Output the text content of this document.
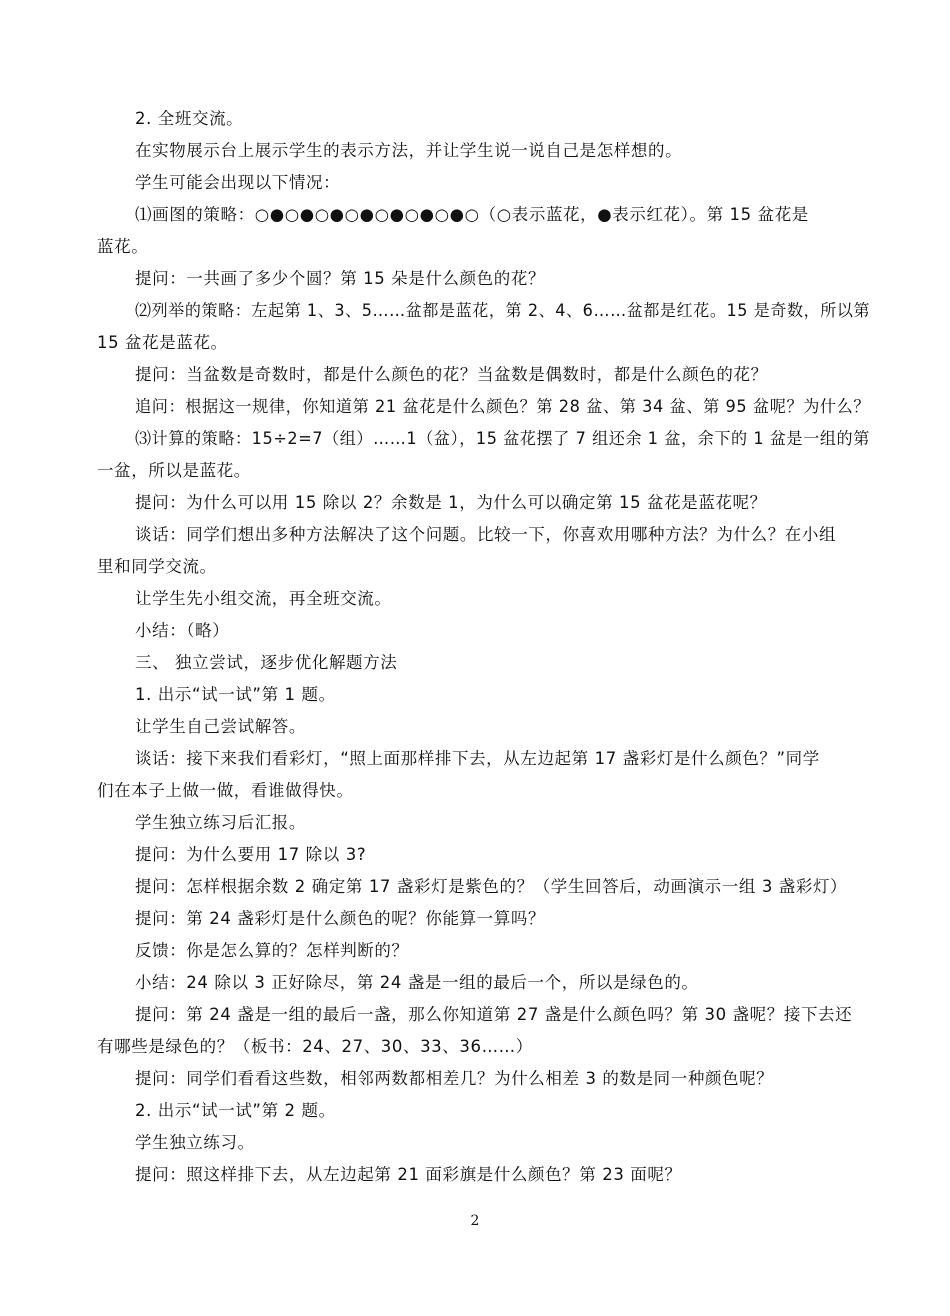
2. 全班交流。
在实物展示台上展示学生的表示方法，并让学生说一说自己是怎样想的。
学生可能会出现以下情况：
⑴画图的策略：○●○●○●○●○●○●○●○（○表示蓝花，●表示红花）。第 15 盆花是
蓝花。
提问：一共画了多少个圆？第 15 朵是什么颜色的花？
⑵列举的策略：左起第 1、3、5……盆都是蓝花，第 2、4、6……盆都是红花。15 是奇数，所以第
15 盆花是蓝花。
提问：当盆数是奇数时，都是什么颜色的花？当盆数是偶数时，都是什么颜色的花？
追问：根据这一规律，你知道第 21 盆花是什么颜色？第 28 盆、第 34 盆、第 95 盆呢？为什么？
⑶计算的策略：15÷2=7（组）……1（盆），15 盆花摆了 7 组还余 1 盆，余下的 1 盆是一组的第
一盆，所以是蓝花。
提问：为什么可以用 15 除以 2？余数是 1，为什么可以确定第 15 盆花是蓝花呢？
谈话：同学们想出多种方法解决了这个问题。比较一下，你喜欢用哪种方法？为什么？在小组
里和同学交流。
让学生先小组交流，再全班交流。
小结：（略）
三、 独立尝试，逐步优化解题方法
1. 出示“试一试”第 1 题。
让学生自己尝试解答。
谈话：接下来我们看彩灯，“照上面那样排下去，从左边起第 17 盏彩灯是什么颜色？”同学
们在本子上做一做，看谁做得快。
学生独立练习后汇报。
提问：为什么要用 17 除以 3?
提问：怎样根据余数 2 确定第 17 盏彩灯是紫色的？（学生回答后，动画演示一组 3 盏彩灯）
提问：第 24 盏彩灯是什么颜色的呢？你能算一算吗？
反馈：你是怎么算的？怎样判断的？
小结：24 除以 3 正好除尽，第 24 盏是一组的最后一个，所以是绿色的。
提问：第 24 盏是一组的最后一盏，那么你知道第 27 盏是什么颜色吗？第 30 盏呢？接下去还
有哪些是绿色的？（板书：24、27、30、33、36……）
提问：同学们看看这些数，相邻两数都相差几？为什么相差 3 的数是同一种颜色呢？
2. 出示“试一试”第 2 题。
学生独立练习。
提问：照这样排下去，从左边起第 21 面彩旗是什么颜色？第 23 面呢？
2
